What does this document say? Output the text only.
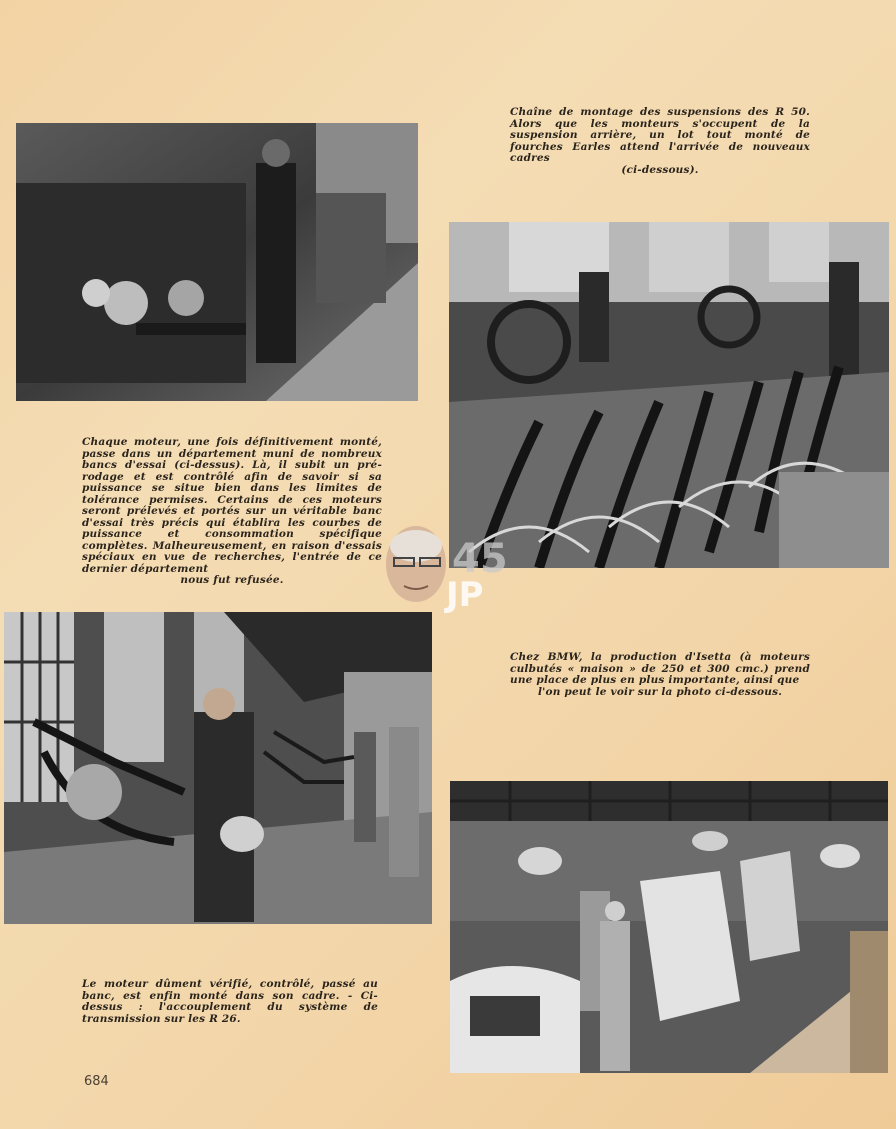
Chaîne de montage des suspensions des R 50. Alors que les monteurs s'occupent de la suspension arrière, un lot tout monté de fourches Earles attend l'arrivée de nouveaux cadres
(ci-dessous).
Chaque moteur, une fois définitivement monté, passe dans un département muni de nombreux bancs d'essai (ci-dessus). Là, il subit un pré-rodage et est contrôlé afin de savoir si sa puissance se situe bien dans les limites de tolérance permises. Certains de ces moteurs seront prélevés et portés sur un véritable banc d'essai très précis qui établira les courbes de puissance et consommation spécifique complètes. Malheureusement, en raison d'essais spéciaux en vue de recherches, l'entrée de ce dernier département
nous fut refusée.	45
JP
Chez BMW, la production d'Isetta (à moteurs culbutés « maison » de 250 et 300 cmc.) prend une place de plus en plus importante, ainsi que
l'on peut le voir sur la photo ci-dessous.
Le moteur dûment vérifié, contrôlé, passé au banc, est enfin monté dans son cadre. - Ci-dessus : l'accouplement du système de transmission sur les R 26.
684
